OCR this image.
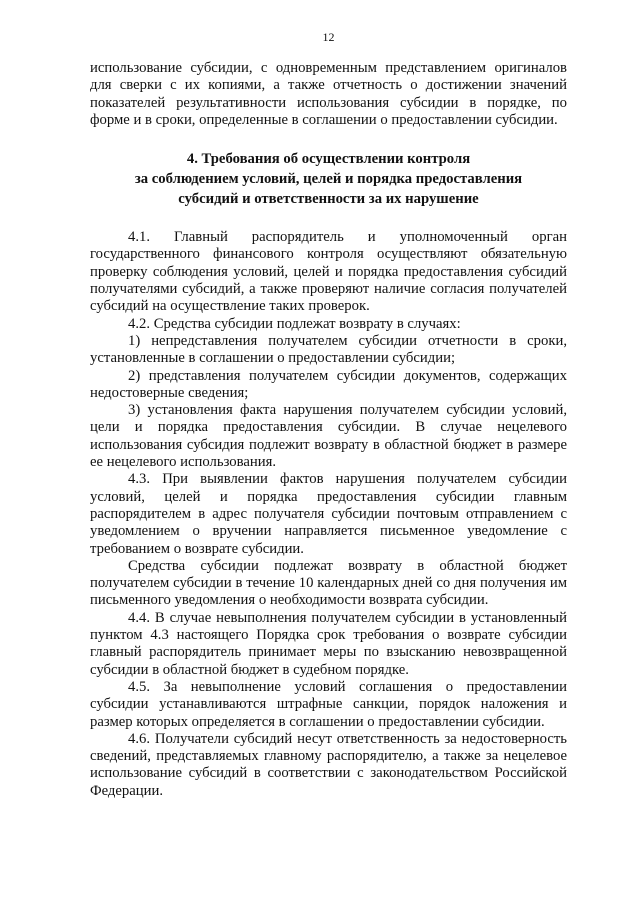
12

использование субсидии, с одновременным представлением оригиналов для сверки с их копиями, а также отчетность о достижении значений показателей результативности использования субсидии в порядке, по форме и в сроки, определенные в соглашении о предоставлении субсидии.

4. Требования об осуществлении контроля
за соблюдением условий, целей и порядка предоставления
субсидий и ответственности за их нарушение

4.1. Главный распорядитель и уполномоченный орган государственного финансового контроля осуществляют обязательную проверку соблюдения условий, целей и порядка предоставления субсидий получателями субсидий, а также проверяют наличие согласия получателей субсидий на осуществление таких проверок.

4.2. Средства субсидии подлежат возврату в случаях:

1) непредставления получателем субсидии отчетности в сроки, установленные в соглашении о предоставлении субсидии;

2) представления получателем субсидии документов, содержащих недостоверные сведения;

3) установления факта нарушения получателем субсидии условий, цели и порядка предоставления субсидии. В случае нецелевого использования субсидия подлежит возврату в областной бюджет в размере ее нецелевого использования.

4.3. При выявлении фактов нарушения получателем субсидии условий, целей и порядка предоставления субсидии главным распорядителем в адрес получателя субсидии почтовым отправлением с уведомлением о вручении направляется письменное уведомление с требованием о возврате субсидии.

Средства субсидии подлежат возврату в областной бюджет получателем субсидии в течение 10 календарных дней со дня получения им письменного уведомления о необходимости возврата субсидии.

4.4. В случае невыполнения получателем субсидии в установленный пунктом 4.3 настоящего Порядка срок требования о возврате субсидии главный распорядитель принимает меры по взысканию невозвращенной субсидии в областной бюджет в судебном порядке.

4.5. За невыполнение условий соглашения о предоставлении субсидии устанавливаются штрафные санкции, порядок наложения и размер которых определяется в соглашении о предоставлении субсидии.

4.6. Получатели субсидий несут ответственность за недостоверность сведений, представляемых главному распорядителю, а также за нецелевое использование субсидий в соответствии с законодательством Российской Федерации.
